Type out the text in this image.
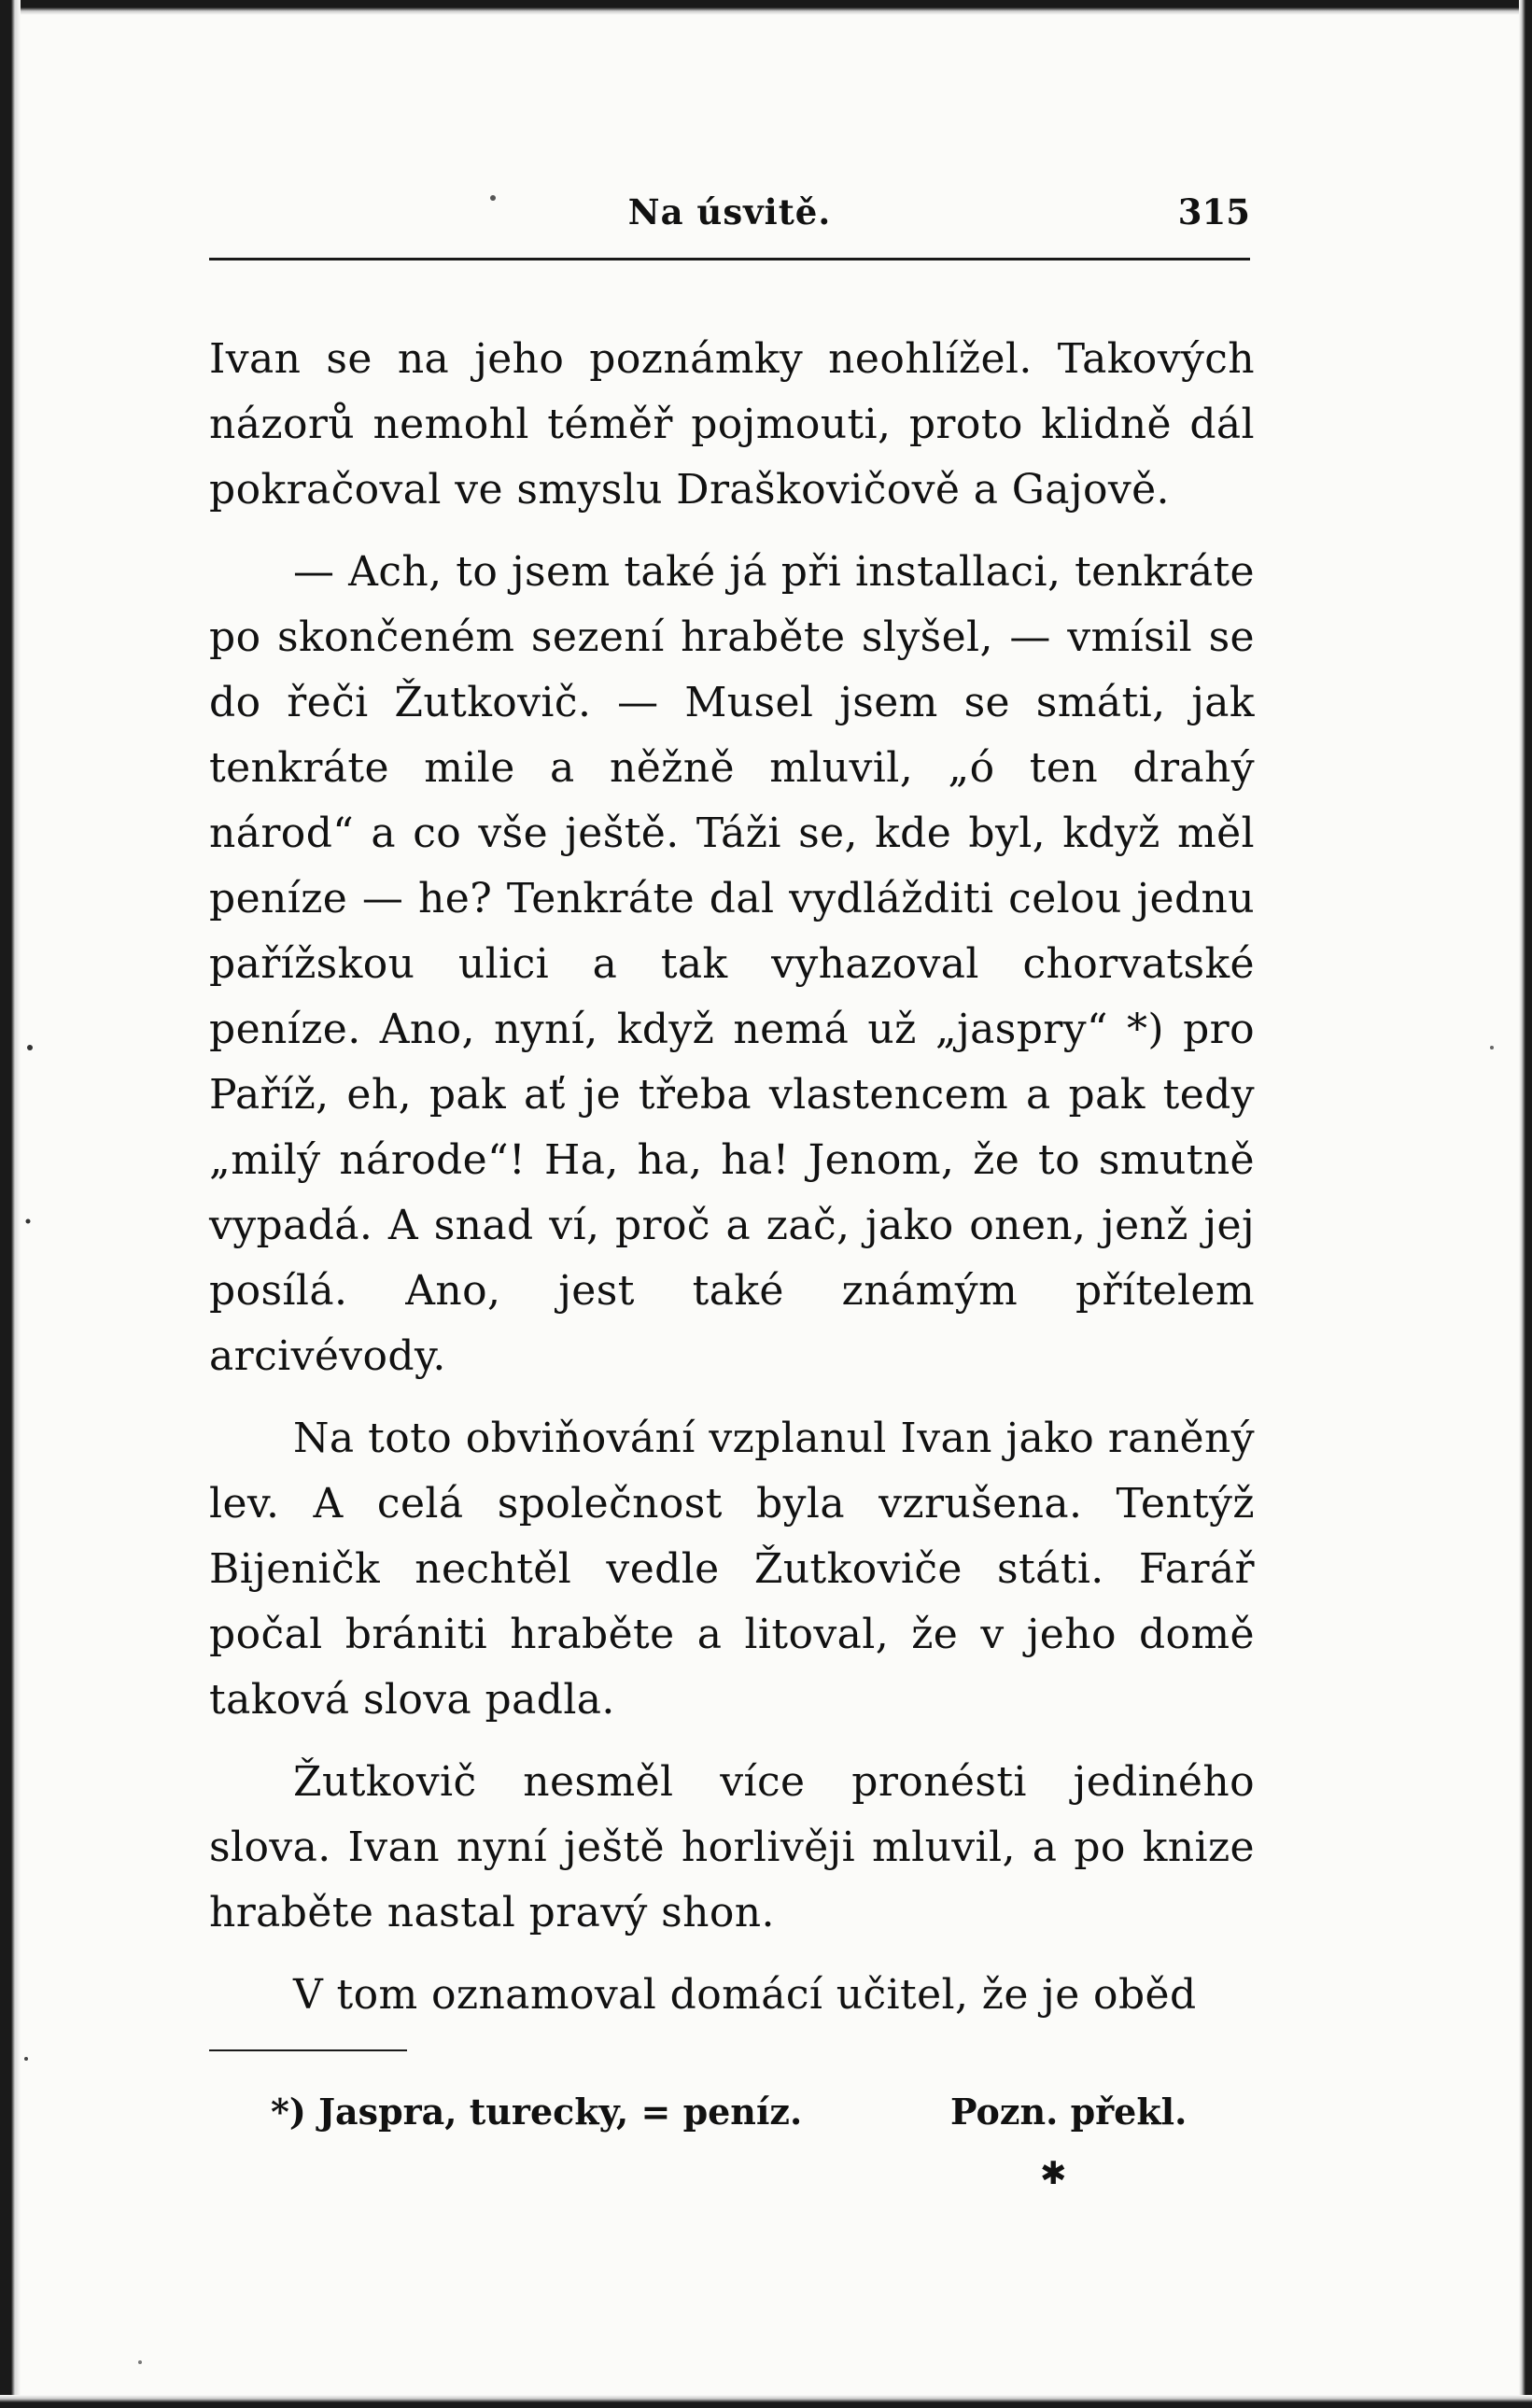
Na úsvitě.	315

Ivan se na jeho poznámky neohlížel. Takových názorů nemohl téměř pojmouti, proto klidně dál pokračoval ve smyslu Draškovičově a Gajově.

— Ach, to jsem také já při installaci, tenkráte po skončeném sezení hraběte slyšel, — vmísil se do řeči Žutkovič. — Musel jsem se smáti, jak tenkráte mile a něžně mluvil, „ó ten drahý národ“ a co vše ještě. Táži se, kde byl, když měl peníze — he? Tenkráte dal vydlážditi celou jednu pařížskou ulici a tak vyhazoval chorvatské peníze. Ano, nyní, když nemá už „jaspry“ *) pro Paříž, eh, pak ať je třeba vlastencem a pak tedy „milý národe“! Ha, ha, ha! Jenom, že to smutně vypadá. A snad ví, proč a zač, jako onen, jenž jej posílá. Ano, jest také známým přítelem arcivévody.

Na toto obviňování vzplanul Ivan jako raněný lev. A celá společnost byla vzrušena. Tentýž Bijeničk nechtěl vedle Žutkoviče státi. Farář počal brániti hraběte a litoval, že v jeho domě taková slova padla.

Žutkovič nesměl více pronésti jediného slova. Ivan nyní ještě horlivěji mluvil, a po knize hraběte nastal pravý shon.

V tom oznamoval domácí učitel, že je oběd

*) Jaspra, turecky, = peníz.	Pozn. překl.
✱
